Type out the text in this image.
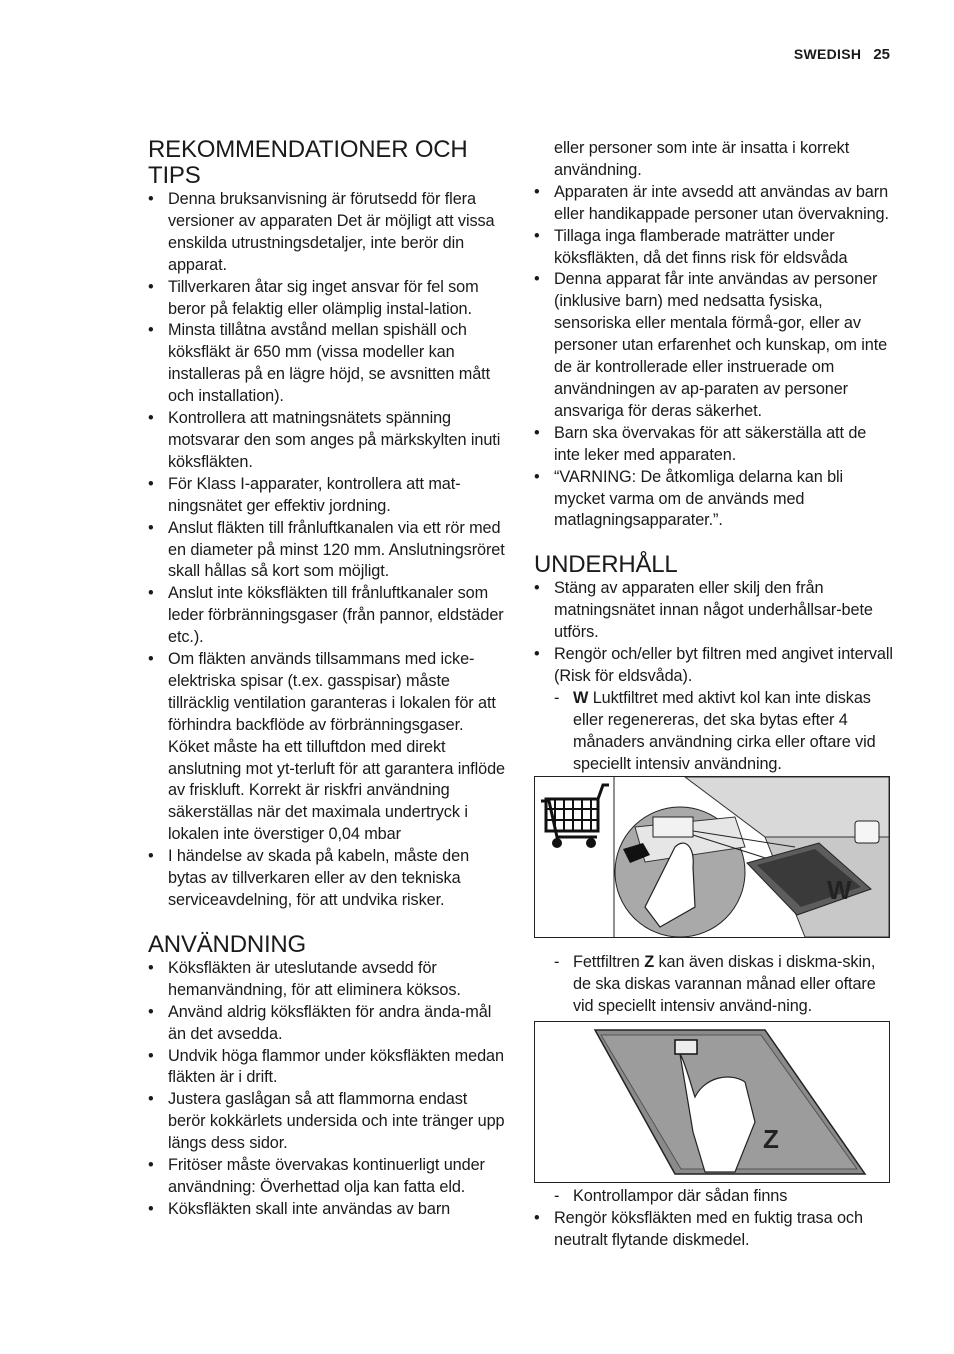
SWEDISH 25
REKOMMENDATIONER OCH
TIPS
• Denna bruksanvisning är förutsedd för flera versioner av apparaten Det är möjligt att vissa enskilda utrustningsdetaljer, inte berör din apparat.
• Tillverkaren åtar sig inget ansvar för fel som beror på felaktig eller olämplig instal-lation.
• Minsta tillåtna avstånd mellan spishäll och köksfläkt är 650 mm (vissa modeller kan installeras på en lägre höjd, se avsnitten mått och installation).
• Kontrollera att matningsnätets spänning motsvarar den som anges på märkskylten inuti köksfläkten.
• För Klass I-apparater, kontrollera att mat-ningsnätet ger effektiv jordning.
• Anslut fläkten till frånluftkanalen via ett rör med en diameter på minst 120 mm. Anslutningsröret skall hållas så kort som möjligt.
• Anslut inte köksfläkten till frånluftkanaler som leder förbränningsgaser (från pannor, eldstäder etc.).
• Om fläkten används tillsammans med icke-elektriska spisar (t.ex. gasspisar) måste tillräcklig ventilation garanteras i lokalen för att förhindra backflöde av förbränningsgaser. Köket måste ha ett tilluftdon med direkt anslutning mot yt-terluft för att garantera inflöde av friskluft. Korrekt är riskfri användning säkerställas när det maximala undertryck i lokalen inte överstiger 0,04 mbar
• I händelse av skada på kabeln, måste den bytas av tillverkaren eller av den tekniska serviceavdelning, för att undvika risker.
ANVÄNDNING
• Köksfläkten är uteslutande avsedd för hemanvändning, för att eliminera köksos.
• Använd aldrig köksfläkten för andra ända-mål än det avsedda.
• Undvik höga flammor under köksfläkten medan fläkten är i drift.
• Justera gaslågan så att flammorna endast berör kokkärlets undersida och inte tränger upp längs dess sidor.
• Fritöser måste övervakas kontinuerligt under användning: Överhettad olja kan fatta eld.
• Köksfläkten skall inte användas av barn
eller personer som inte är insatta i korrekt användning.
• Apparaten är inte avsedd att användas av barn eller handikappade personer utan övervakning.
• Tillaga inga flamberade maträtter under köksfläkten, då det finns risk för eldsvåda
• Denna apparat får inte användas av personer (inklusive barn) med nedsatta fysiska, sensoriska eller mentala förmå-gor, eller av personer utan erfarenhet och kunskap, om inte de är kontrollerade eller instruerade om användningen av ap-paraten av personer ansvariga för deras säkerhet.
• Barn ska övervakas för att säkerställa att de inte leker med apparaten.
• “VARNING: De åtkomliga delarna kan bli mycket varma om de används med matlagningsapparater.”.
UNDERHÅLL
• Stäng av apparaten eller skilj den från matningsnätet innan något underhållsar-bete utförs.
• Rengör och/eller byt filtren med angivet intervall (Risk för eldsvåda).
- W Luktfiltret med aktivt kol kan inte diskas eller regenereras, det ska bytas efter 4 månaders användning cirka eller oftare vid speciellt intensiv användning.
W
- Fettfiltren Z kan även diskas i diskma-skin, de ska diskas varannan månad eller oftare vid speciellt intensiv använd-ning.
Z
- Kontrollampor där sådan finns
• Rengör köksfläkten med en fuktig trasa och neutralt flytande diskmedel.
